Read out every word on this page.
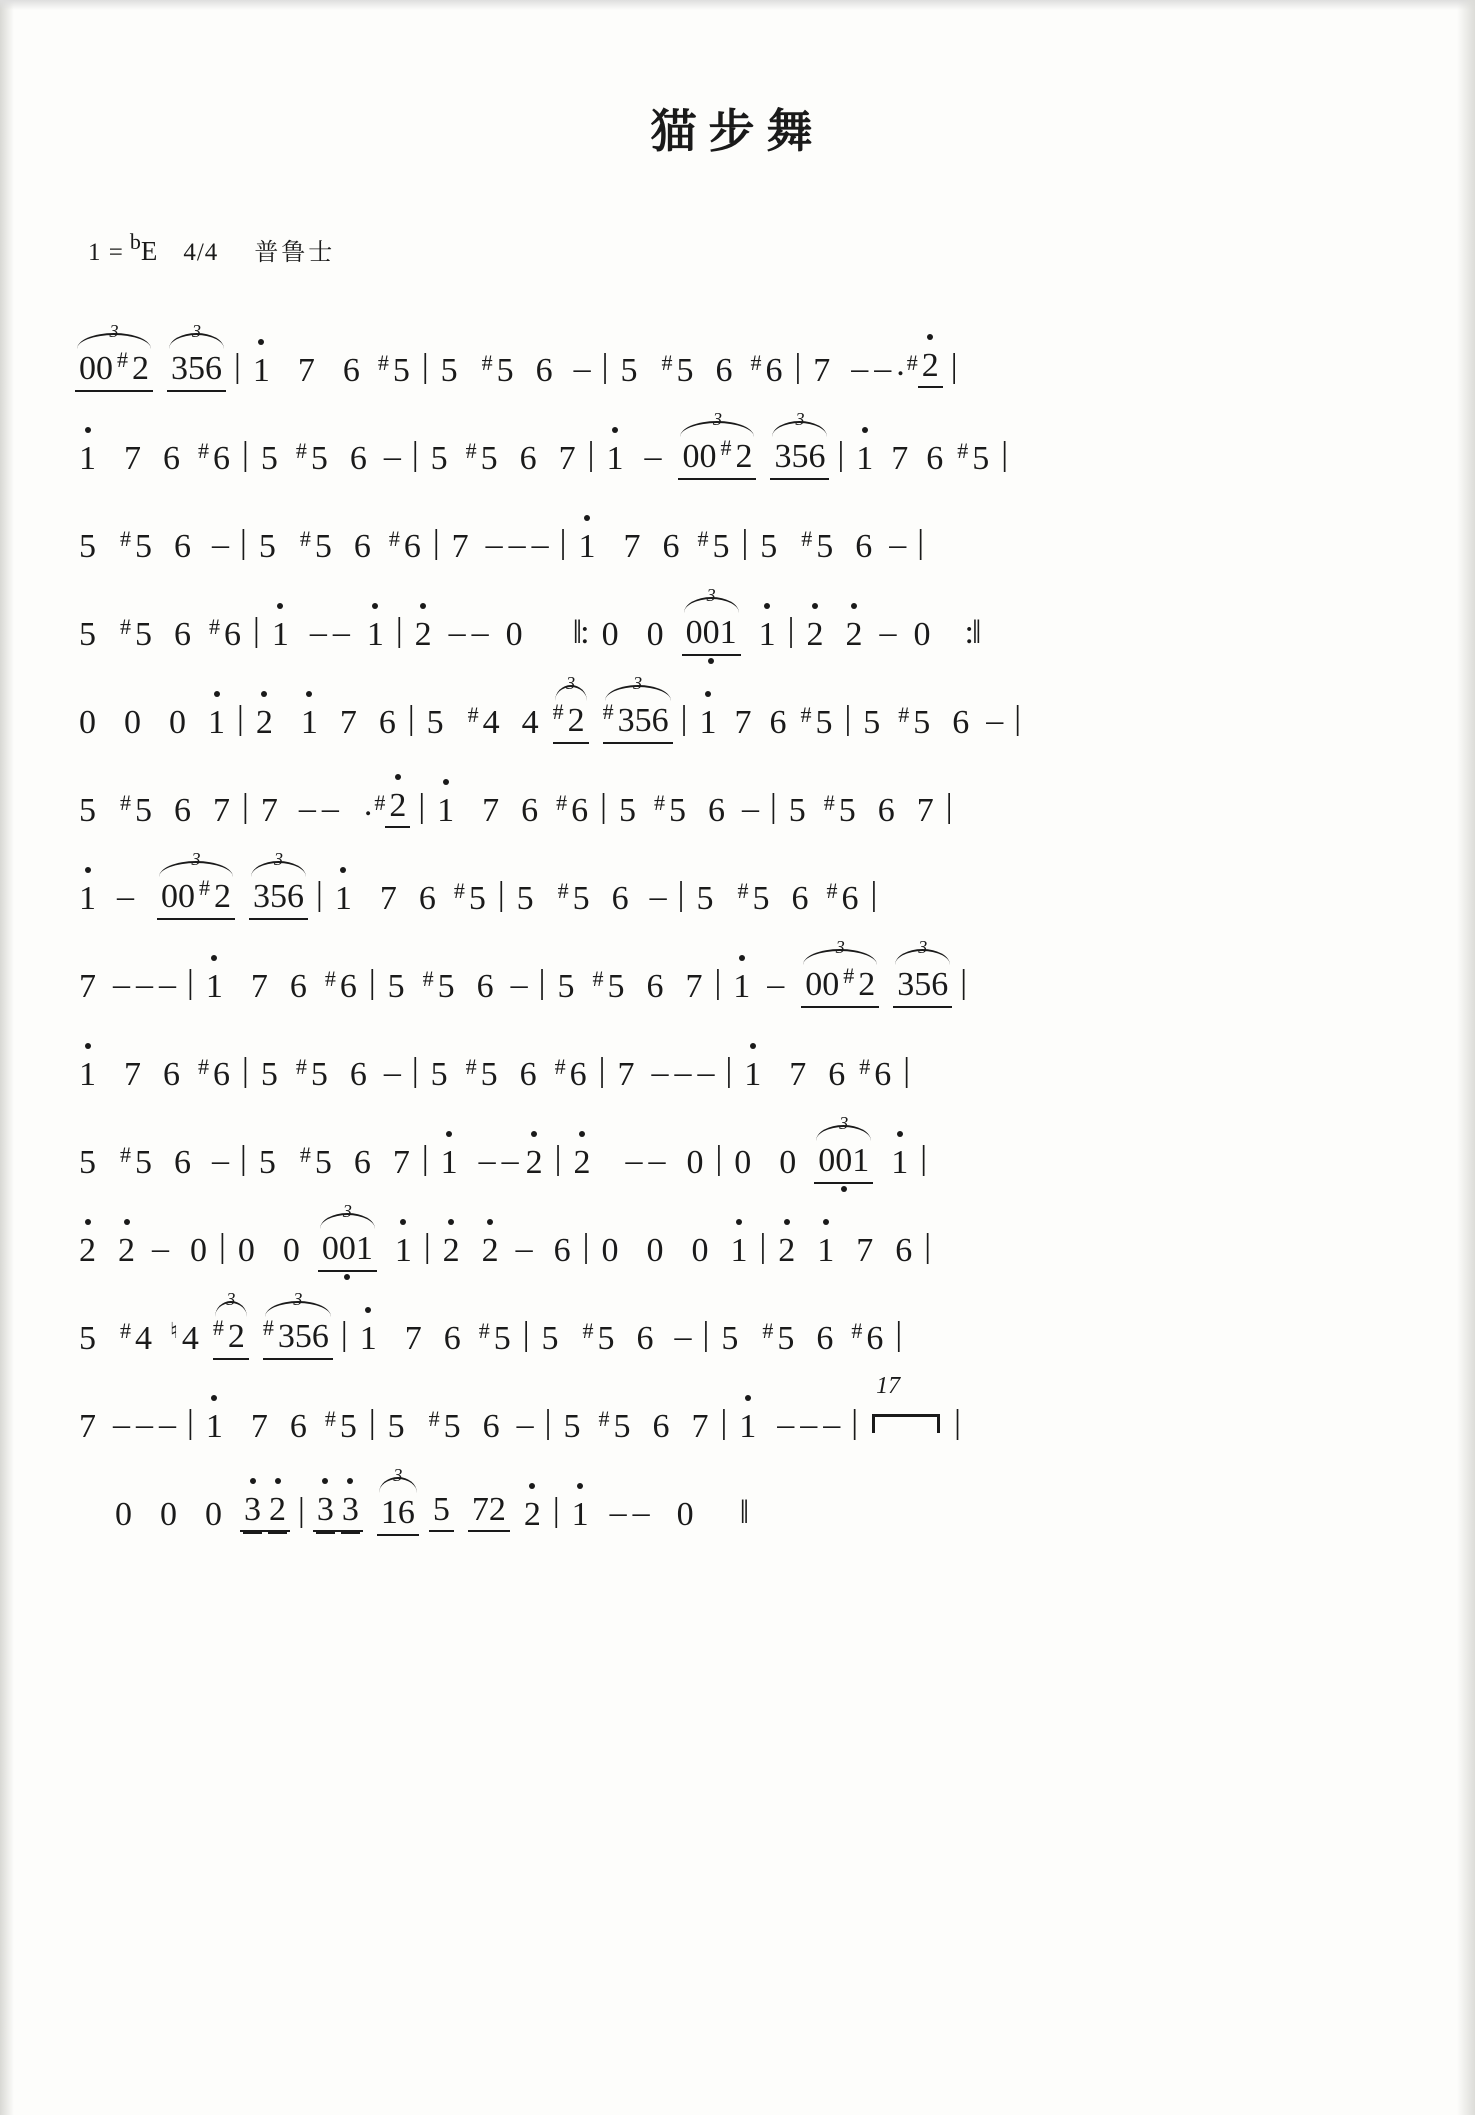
猫步舞
1 = b E 4/4 普鲁士
3
00 # 2
3
356 | 1 7 6 # 5 | 5 # 5 6 – | 5 # 5 6 # 6 | 7 – – . # 2 |
1 7 6 # 6 | 5 # 5 6 – | 5 # 5 6 7 | 1 –
3
00 # 2
3
356 | 1 7 6 # 5 |
5 # 5 6 – | 5 # 5 6 # 6 | 7 – – – | 1 7 6 # 5 | 5 # 5 6 – |
5 # 5 6 # 6 | 1 – – 1 | 2 – – 0 ‖: 0 0
3
001 1 | 2 2 – 0 :‖
0 0 0 1 | 2 1 7 6 | 5 # 4 4
3
# 2
3
# 356 | 1 7 6 # 5 | 5 # 5 6 – |
5 # 5 6 7 | 7 – – . # 2 | 1 7 6 # 6 | 5 # 5 6 – | 5 # 5 6 7 |
1 –
3
00 # 2
3
356 | 1 7 6 # 5 | 5 # 5 6 – | 5 # 5 6 # 6 |
7 – – – | 1 7 6 # 6 | 5 # 5 6 – | 5 # 5 6 7 | 1 –
3
00 # 2
3
356 |
1 7 6 # 6 | 5 # 5 6 – | 5 # 5 6 # 6 | 7 – – – | 1 7 6 # 6 |
5 # 5 6 – | 5 # 5 6 7 | 1 – – 2 | 2 – – 0 | 0 0
3
001 1 |
2 2 – 0 | 0 0
3
001 1 | 2 2 – 6 | 0 0 0 1 | 2 1 7 6 |
5 # 4 ♮ 4
3
# 2
3
# 356 | 1 7 6 # 5 | 5 # 5 6 – | 5 # 5 6 # 6 |
7 – – – | 1 7 6 # 5 | 5 # 5 6 – | 5 # 5 6 7 | 1 – – – |
17
|
0 0 0 3 2 | 3 3
3
16 5 72 2 | 1 – – 0 ‖
